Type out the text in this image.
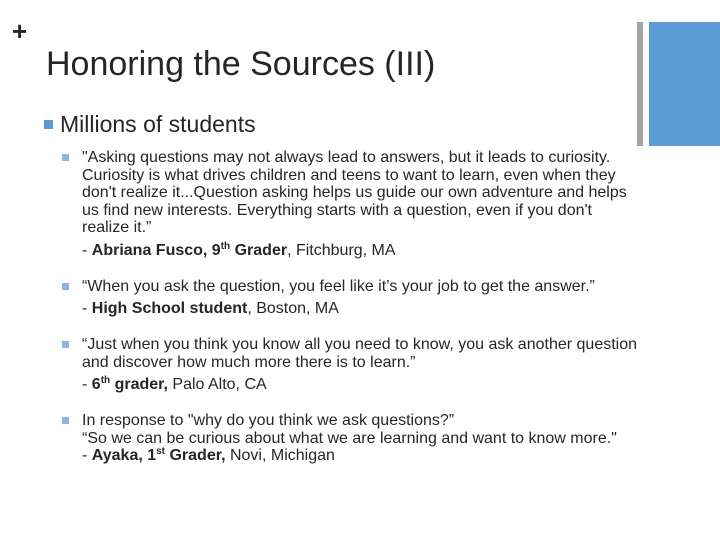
+
Honoring the Sources (III)
Millions of students

"Asking questions may not always lead to answers, but it leads to curiosity. Curiosity is what drives children and teens to want to learn, even when they don't realize it...Question asking helps us guide our own adventure and helps us find new interests. Everything starts with a question, even if you don't realize it.”

- Abriana Fusco, 9th Grader, Fitchburg, MA

“When you ask the question, you feel like it’s your job to get the answer.”

- High School student, Boston, MA

“Just when you think you know all you need to know, you ask another question and discover how much more there is to learn.”

- 6th grader, Palo Alto, CA

In response to "why do you think we ask questions?”

“So we can be curious about what we are learning and want to know more."

- Ayaka, 1st Grader, Novi, Michigan
